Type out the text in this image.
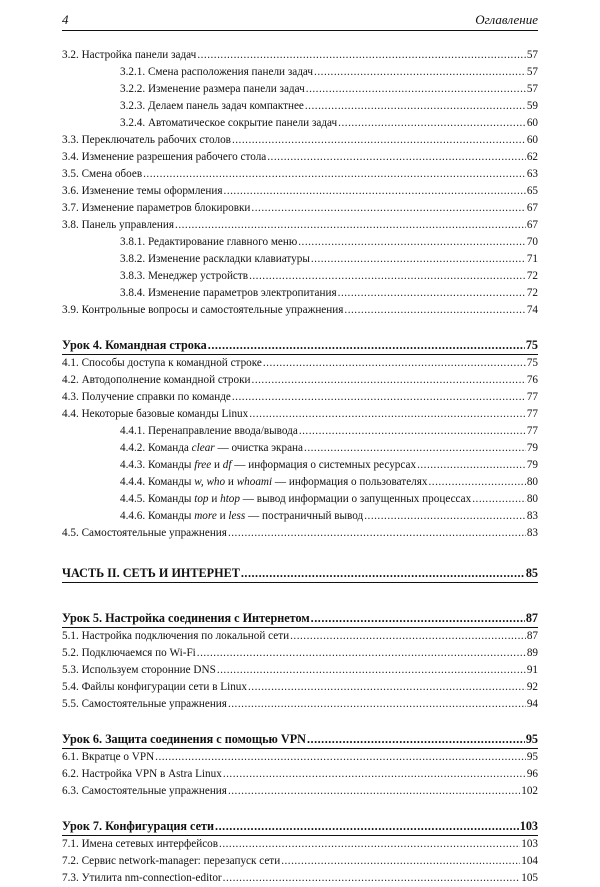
4	Оглавление
3.2. Настройка панели задач .....	57
3.2.1. Смена расположения панели задач .....	57
3.2.2. Изменение размера панели задач .....	57
3.2.3. Делаем панель задач компактнее .....	59
3.2.4. Автоматическое сокрытие панели задач .....	60
3.3. Переключатель рабочих столов .....	60
3.4. Изменение разрешения рабочего стола .....	62
3.5. Смена обоев .....	63
3.6. Изменение темы оформления .....	65
3.7. Изменение параметров блокировки .....	67
3.8. Панель управления .....	67
3.8.1. Редактирование главного меню .....	70
3.8.2. Изменение раскладки клавиатуры .....	71
3.8.3. Менеджер устройств .....	72
3.8.4. Изменение параметров электропитания .....	72
3.9. Контрольные вопросы и самостоятельные упражнения .....	74
Урок 4. Командная строка .....	75
4.1. Способы доступа к командной строке .....	75
4.2. Автодополнение командной строки .....	76
4.3. Получение справки по команде .....	77
4.4. Некоторые базовые команды Linux .....	77
4.4.1. Перенаправление ввода/вывода .....	77
4.4.2. Команда clear — очистка экрана .....	79
4.4.3. Команды free и df — информация о системных ресурсах .....	79
4.4.4. Команды w, who и whoami — информация о пользователях .....	80
4.4.5. Команды top и htop — вывод информации о запущенных процессах .....	80
4.4.6. Команды more и less — постраничный вывод .....	83
4.5. Самостоятельные упражнения .....	83
ЧАСТЬ II. СЕТЬ И ИНТЕРНЕТ .....	85
Урок 5. Настройка соединения с Интернетом .....	87
5.1. Настройка подключения по локальной сети .....	87
5.2. Подключаемся по Wi-Fi .....	89
5.3. Используем сторонние DNS .....	91
5.4. Файлы конфигурации сети в Linux .....	92
5.5. Самостоятельные упражнения .....	94
Урок 6. Защита соединения с помощью VPN .....	95
6.1. Вкратце о VPN .....	95
6.2. Настройка VPN в Astra Linux .....	96
6.3. Самостоятельные упражнения .....	102
Урок 7. Конфигурация сети .....	103
7.1. Имена сетевых интерфейсов .....	103
7.2. Сервис network-manager: перезапуск сети .....	104
7.3. Утилита nm-connection-editor .....	105
